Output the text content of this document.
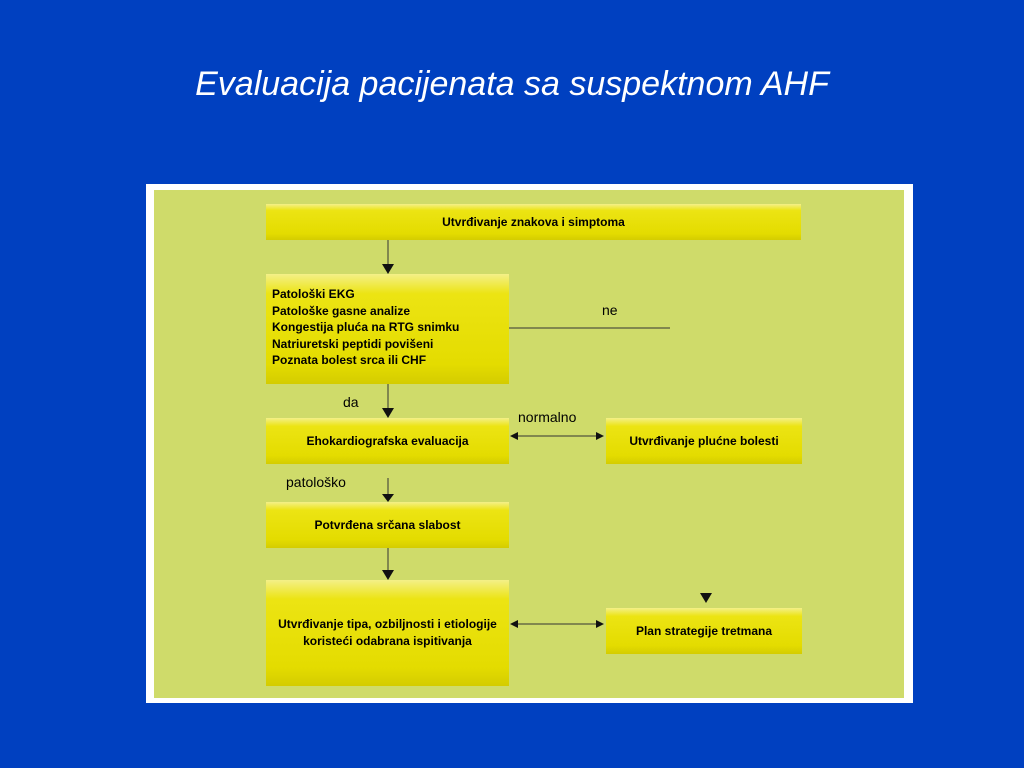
Evaluacija pacijenata sa suspektnom AHF
Utvrđivanje znakova i simptoma
Patološki EKG
Patološke gasne analize
Kongestija pluća na RTG snimku
Natriuretski peptidi povišeni
Poznata bolest srca ili CHF
Ehokardiografska evaluacija	Utvrđivanje plućne bolesti
Potvrđena srčana slabost
Utvrđivanje tipa, ozbiljnosti i etiologije koristeći odabrana ispitivanja
Plan strategije tretmana
ne
da
normalno
patološko
